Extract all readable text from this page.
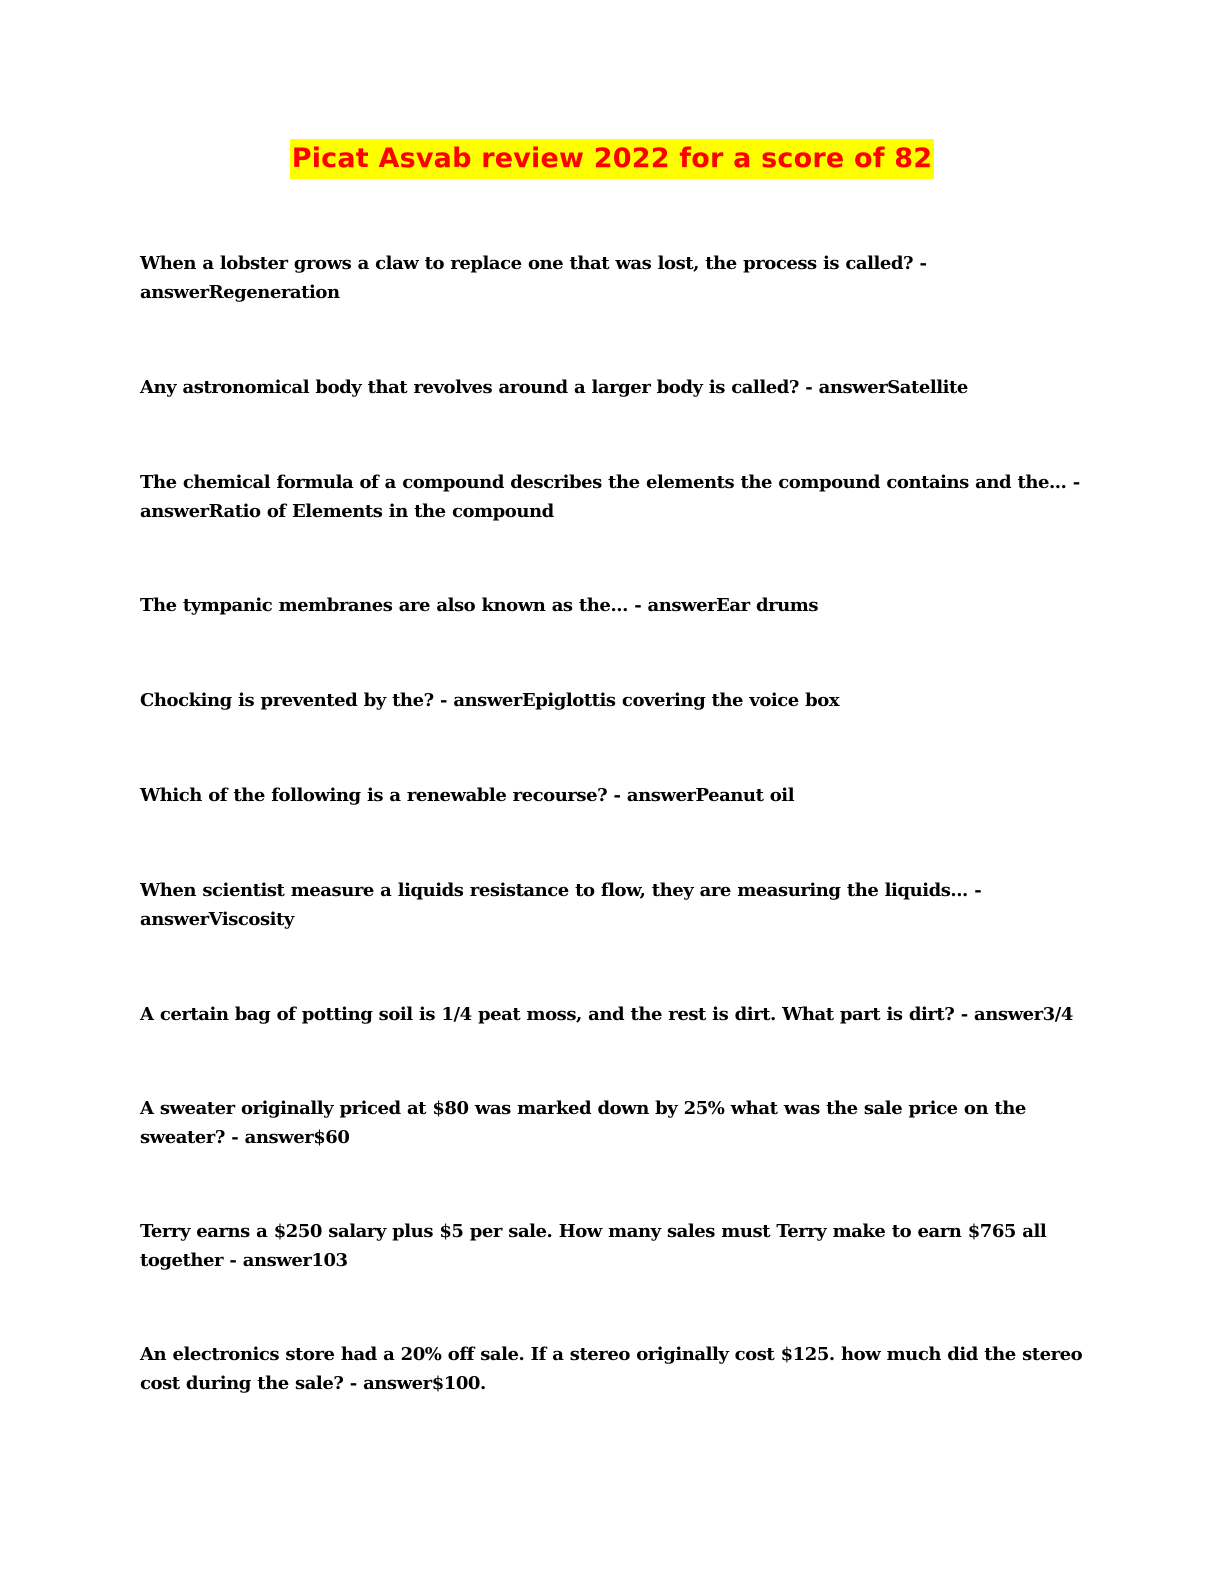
Picat Asvab review 2022 for a score of 82
When a lobster grows a claw to replace one that was lost, the process is called? - answerRegeneration
Any astronomical body that revolves around a larger body is called? - answerSatellite
The chemical formula of a compound describes the elements the compound contains and the... - answerRatio of Elements in the compound
The tympanic membranes are also known as the... - answerEar drums
Chocking is prevented by the? - answerEpiglottis covering the voice box
Which of the following is a renewable recourse? - answerPeanut oil
When scientist measure a liquids resistance to flow, they are measuring the liquids... - answerViscosity
A certain bag of potting soil is 1/4 peat moss, and the rest is dirt. What part is dirt? - answer3/4
A sweater originally priced at $80 was marked down by 25% what was the sale price on the sweater? - answer$60
Terry earns a $250 salary plus $5 per sale. How many sales must Terry make to earn $765 all together - answer103
An electronics store had a 20% off sale. If a stereo originally cost $125. how much did the stereo cost during the sale? - answer$100.
